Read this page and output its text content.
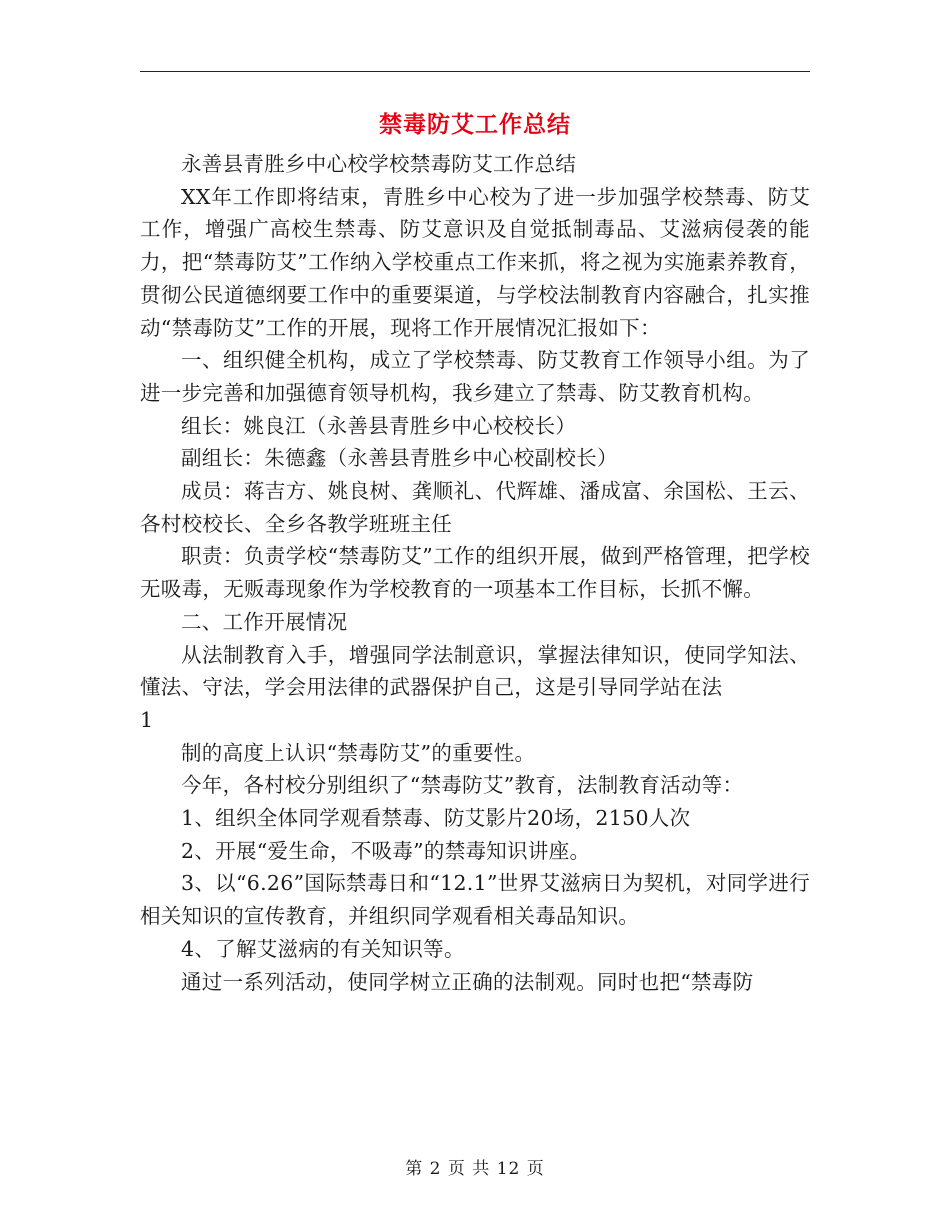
禁毒防艾工作总结

永善县青胜乡中心校学校禁毒防艾工作总结

XX年工作即将结束，青胜乡中心校为了进一步加强学校禁毒、防艾工作，增强广高校生禁毒、防艾意识及自觉抵制毒品、艾滋病侵袭的能力，把“禁毒防艾”工作纳入学校重点工作来抓，将之视为实施素养教育，贯彻公民道德纲要工作中的重要渠道，与学校法制教育内容融合，扎实推动“禁毒防艾”工作的开展，现将工作开展情况汇报如下：

一、组织健全机构，成立了学校禁毒、防艾教育工作领导小组。为了进一步完善和加强德育领导机构，我乡建立了禁毒、防艾教育机构。

组长：姚良江（永善县青胜乡中心校校长）

副组长：朱德鑫（永善县青胜乡中心校副校长）

成员：蒋吉方、姚良树、龚顺礼、代辉雄、潘成富、余国松、王云、各村校校长、全乡各教学班班主任

职责：负责学校“禁毒防艾”工作的组织开展，做到严格管理，把学校无吸毒，无贩毒现象作为学校教育的一项基本工作目标，长抓不懈。

二、工作开展情况

从法制教育入手，增强同学法制意识，掌握法律知识，使同学知法、懂法、守法，学会用法律的武器保护自己，这是引导同学站在法

1

制的高度上认识“禁毒防艾”的重要性。

今年，各村校分别组织了“禁毒防艾”教育，法制教育活动等：

1、组织全体同学观看禁毒、防艾影片20场，2150人次

2、开展“爱生命，不吸毒”的禁毒知识讲座。

3、以“6.26”国际禁毒日和“12.1”世界艾滋病日为契机，对同学进行相关知识的宣传教育，并组织同学观看相关毒品知识。

4、了解艾滋病的有关知识等。

通过一系列活动，使同学树立正确的法制观。同时也把“禁毒防

第 2 页 共 12 页
